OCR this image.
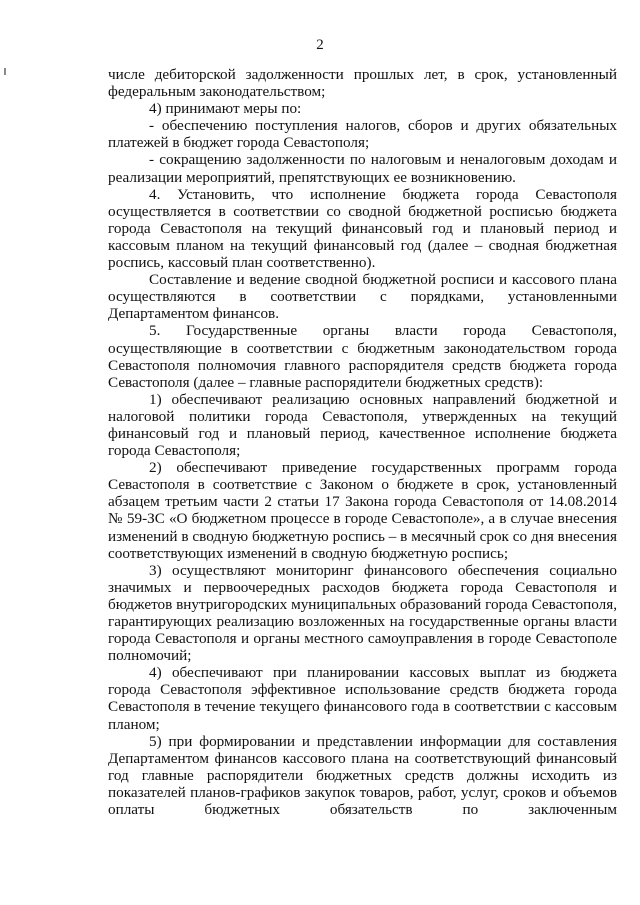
2

числе дебиторской задолженности прошлых лет, в срок, установленный федеральным законодательством;

4) принимают меры по:

- обеспечению поступления налогов, сборов и других обязательных платежей в бюджет города Севастополя;

- сокращению задолженности по налоговым и неналоговым доходам и реализации мероприятий, препятствующих ее возникновению.

4. Установить, что исполнение бюджета города Севастополя осуществляется в соответствии со сводной бюджетной росписью бюджета города Севастополя на текущий финансовый год и плановый период и кассовым планом на текущий финансовый год (далее – сводная бюджетная роспись, кассовый план соответственно).

Составление и ведение сводной бюджетной росписи и кассового плана осуществляются в соответствии с порядками, установленными Департаментом финансов.

5. Государственные органы власти города Севастополя, осуществляющие в соответствии с бюджетным законодательством города Севастополя полномочия главного распорядителя средств бюджета города Севастополя (далее – главные распорядители бюджетных средств):

1) обеспечивают реализацию основных направлений бюджетной и налоговой политики города Севастополя, утвержденных на текущий финансовый год и плановый период, качественное исполнение бюджета города Севастополя;

2) обеспечивают приведение государственных программ города Севастополя в соответствие с Законом о бюджете в срок, установленный абзацем третьим части 2 статьи 17 Закона города Севастополя от 14.08.2014 № 59-ЗС «О бюджетном процессе в городе Севастополе», а в случае внесения изменений в сводную бюджетную роспись – в месячный срок со дня внесения соответствующих изменений в сводную бюджетную роспись;

3) осуществляют мониторинг финансового обеспечения социально значимых и первоочередных расходов бюджета города Севастополя и бюджетов внутригородских муниципальных образований города Севастополя, гарантирующих реализацию возложенных на государственные органы власти города Севастополя и органы местного самоуправления в городе Севастополе полномочий;

4) обеспечивают при планировании кассовых выплат из бюджета города Севастополя эффективное использование средств бюджета города Севастополя в течение текущего финансового года в соответствии с кассовым планом;

5) при формировании и представлении информации для составления Департаментом финансов кассового плана на соответствующий финансовый год главные распорядители бюджетных средств должны исходить из показателей планов-графиков закупок товаров, работ, услуг, сроков и объемов оплаты бюджетных обязательств по заключенным
